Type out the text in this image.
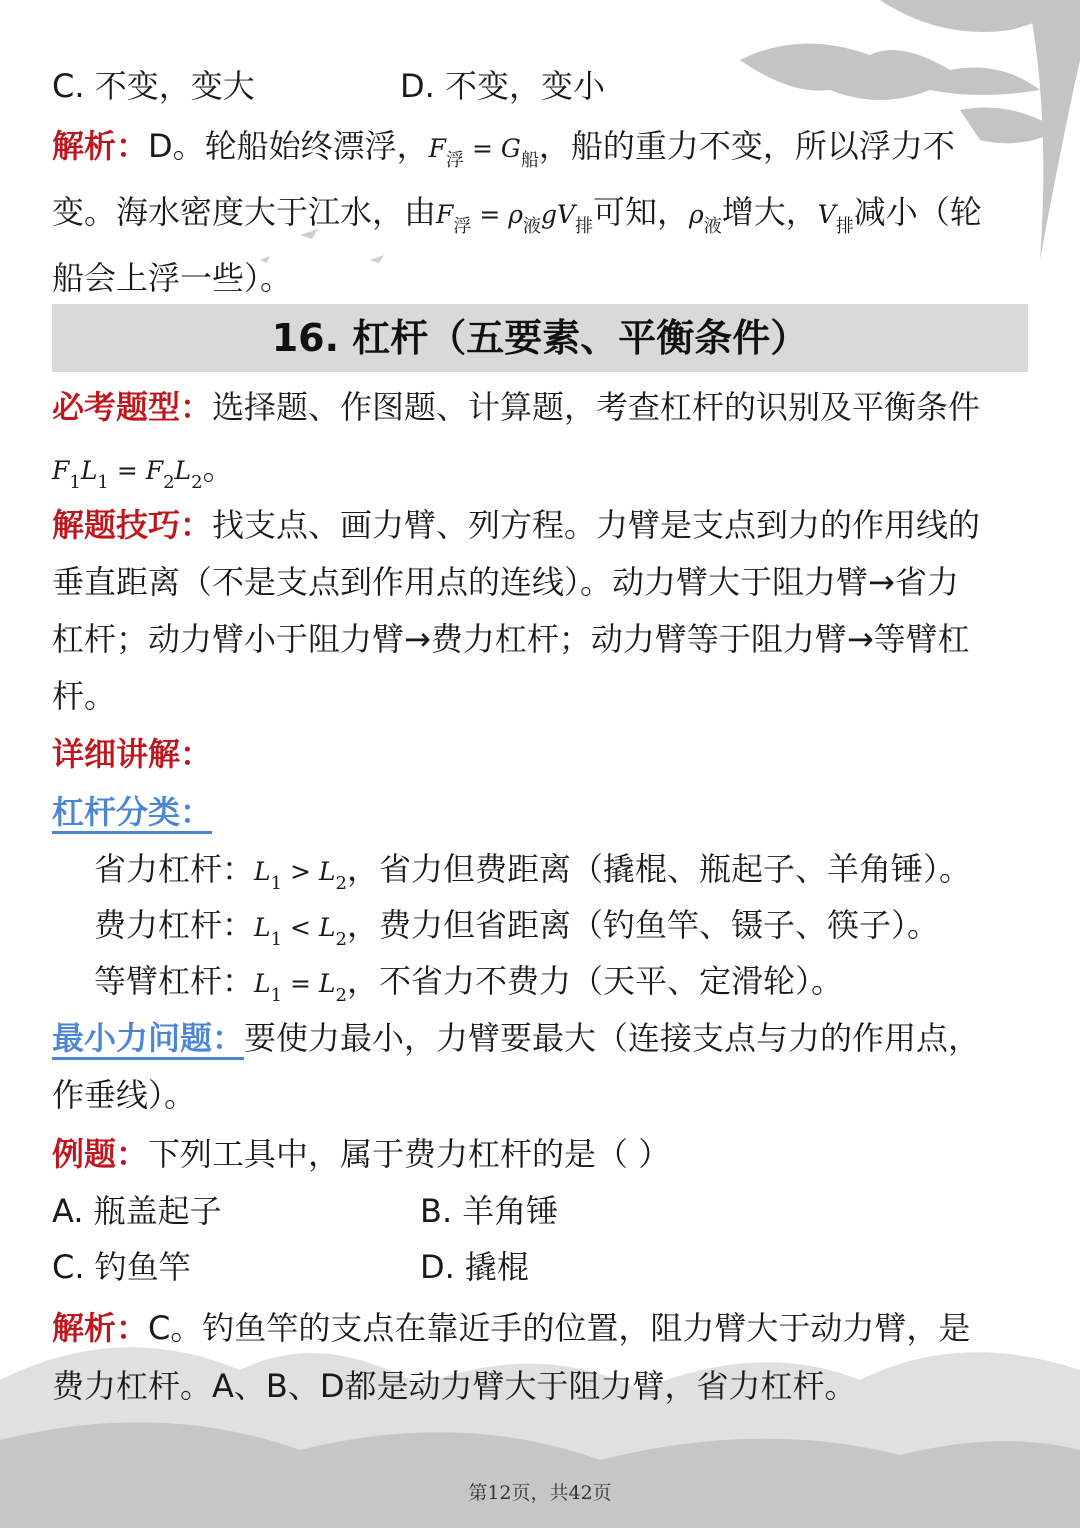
C. 不变，变大	D. 不变，变小
解析：D。轮船始终漂浮，$F_浮 = G_船$，船的重力不变，所以浮力不
变。海水密度大于江水，由$F_浮 = \rho_液gV_排$可知，$\rho_液$增大，$V_排$减小（轮
船会上浮一些）。
16. 杠杆（五要素、平衡条件）
必考题型：选择题、作图题、计算题，考查杠杆的识别及平衡条件
$F_1L_1 = F_2L_2$。
解题技巧：找支点、画力臂、列方程。力臂是支点到力的作用线的
垂直距离（不是支点到作用点的连线）。动力臂大于阻力臂→省力
杠杆；动力臂小于阻力臂→费力杠杆；动力臂等于阻力臂→等臂杠
杆。
详细讲解：
杠杆分类：
省力杠杆：$L_1 > L_2$，省力但费距离（撬棍、瓶起子、羊角锤）。
费力杠杆：$L_1 < L_2$，费力但省距离（钓鱼竿、镊子、筷子）。
等臂杠杆：$L_1 = L_2$，不省力不费力（天平、定滑轮）。
最小力问题：要使力最小，力臂要最大（连接支点与力的作用点，
作垂线）。
例题：下列工具中，属于费力杠杆的是（ ）
A. 瓶盖起子	B. 羊角锤
C. 钓鱼竿	D. 撬棍
解析：C。钓鱼竿的支点在靠近手的位置，阻力臂大于动力臂，是
费力杠杆。A、B、D都是动力臂大于阻力臂，省力杠杆。
第12页，共42页
